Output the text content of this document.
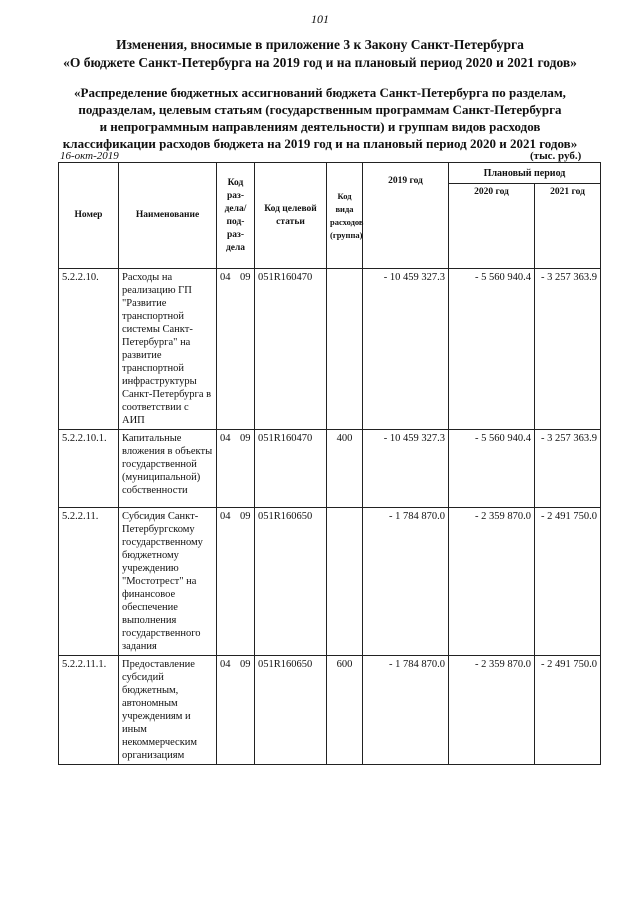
101
Изменения, вносимые в приложение 3 к Закону Санкт-Петербурга
«О бюджете Санкт-Петербурга на 2019 год и на плановый период 2020 и 2021 годов»
«Распределение бюджетных ассигнований бюджета Санкт-Петербурга по разделам,
подразделам, целевым статьям (государственным программам Санкт-Петербурга
и непрограммным направлениям деятельности) и группам видов расходов
классификации расходов бюджета на 2019 год и на плановый период 2020 и 2021 годов»
16-окт-2019	(тыс. руб.)
Номер	Наименование	Код раз- дела/ под- раз- дела	Код целевой статьи	Код вида расходов (группа)	2019 год	Плановый период	
						2020 год	2021 год
5.2.2.10.	Расходы на реализацию ГП "Развитие транспортной системы Санкт-Петербурга" на развитие транспортной инфраструктуры Санкт-Петербурга в соответствии с АИП	04 09	051R160470		- 10 459 327.3	- 5 560 940.4	- 3 257 363.9
5.2.2.10.1.	Капитальные вложения в объекты государственной (муниципальной) собственности	04 09	051R160470	400	- 10 459 327.3	- 5 560 940.4	- 3 257 363.9
5.2.2.11.	Субсидия Санкт-Петербургскому государственному бюджетному учреждению "Мостотрест" на финансовое обеспечение выполнения государственного задания	04 09	051R160650		- 1 784 870.0	- 2 359 870.0	- 2 491 750.0
5.2.2.11.1.	Предоставление субсидий бюджетным, автономным учреждениям и иным некоммерческим организациям	04 09	051R160650	600	- 1 784 870.0	- 2 359 870.0	- 2 491 750.0
